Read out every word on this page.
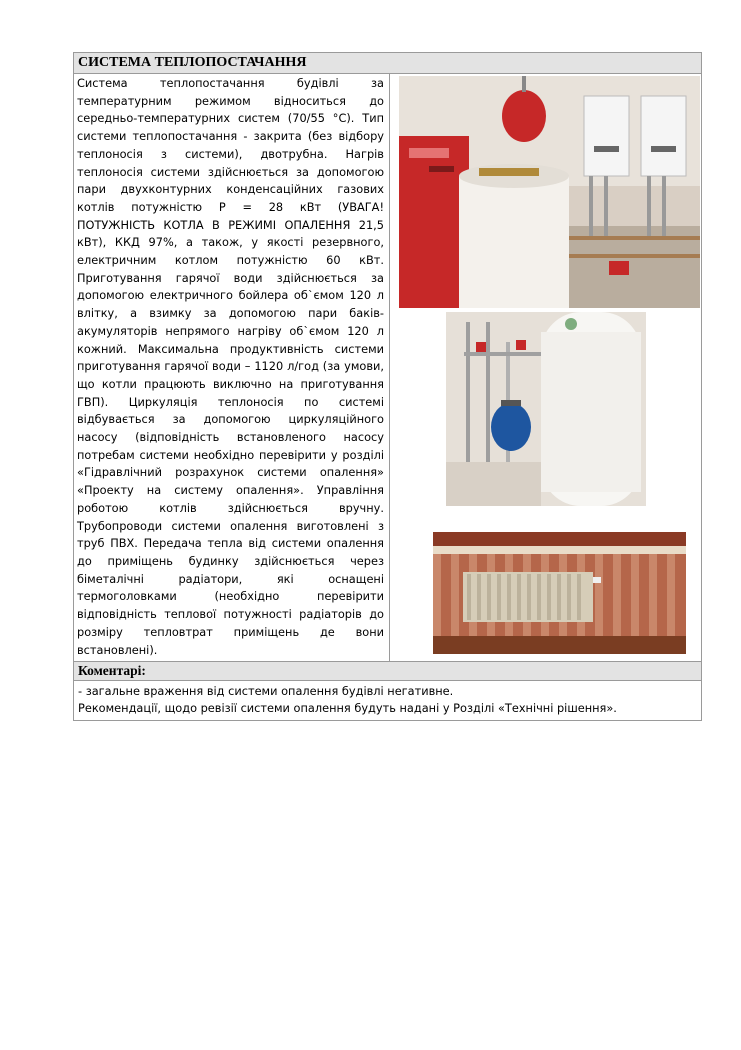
СИСТЕМА ТЕПЛОПОСТАЧАННЯ
Система теплопостачання будівлі за температурним режимом відноситься до середньо-температурних систем (70/55 °С). Тип системи теплопостачання - закрита (без відбору теплоносія з системи), двотрубна. Нагрів теплоносія системи здійснюється за допомогою пари двухконтурних конденсаційних газових котлів потужністю Р = 28 кВт (УВАГА! ПОТУЖНІСТЬ КОТЛА В РЕЖИМІ ОПАЛЕННЯ 21,5 кВт), ККД 97%, а також, у якості резервного, електричним котлом потужністю 60 кВт. Приготування гарячої води здійснюється за допомогою електричного бойлера об`ємом 120 л влітку, а взимку за допомогою пари баків-акумуляторів непрямого нагріву об`ємом 120 л кожний. Максимальна продуктивність системи приготування гарячої води – 1120 л/год (за умови, що котли працюють виключно на приготування ГВП). Циркуляція теплоносія по системі відбувається за допомогою циркуляційного насосу (відповідність встановленого насосу потребам системи необхідно перевірити у розділі «Гідравлічний розрахунок системи опалення» «Проекту на систему опалення». Управління роботою котлів здійснюється вручну. Трубопроводи системи опалення виготовлені з труб ПВХ. Передача тепла від системи опалення до приміщень будинку здійснюється через біметалічні радіатори, які оснащені термоголовками (необхідно перевірити відповідність теплової потужності радіаторів до розміру тепловтрат приміщень де вони встановлені).
Коментарі:

- загальне враження від системи опалення будівлі негативне.

Рекомендації, щодо ревізії системи опалення будуть надані у Розділі «Технічні рішення».
